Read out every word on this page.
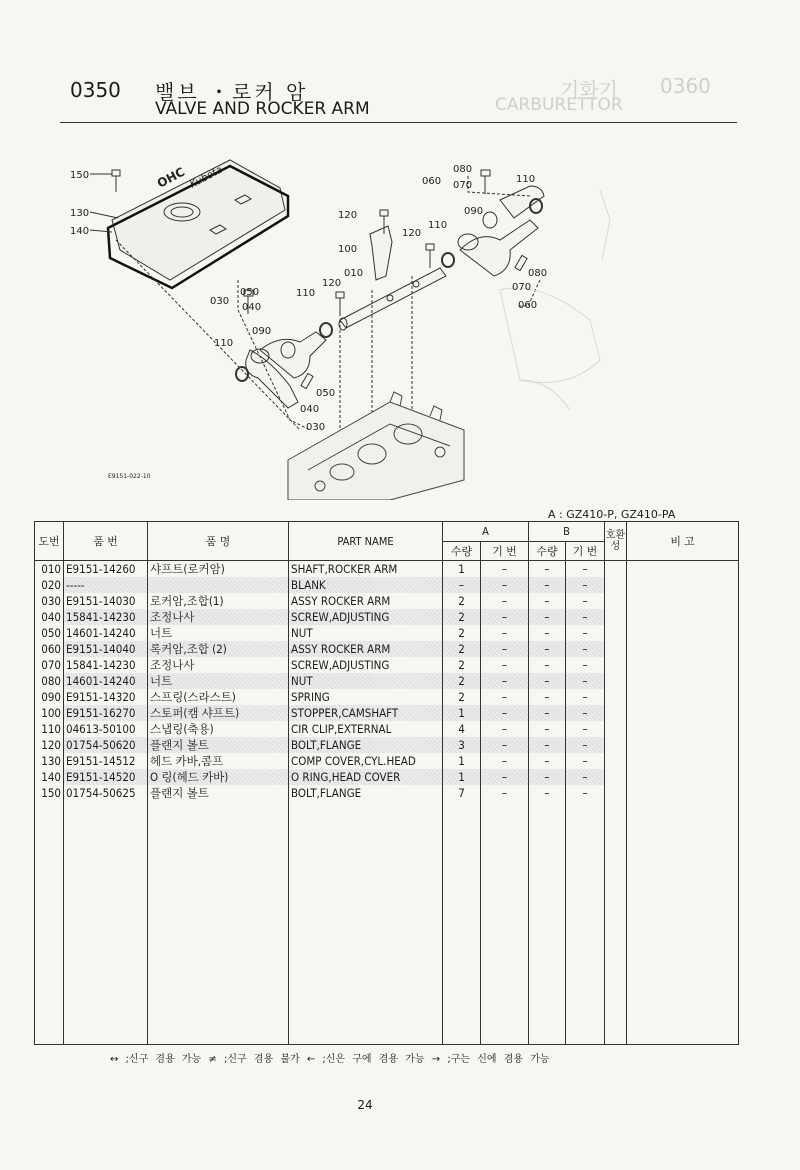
0360
기화기
CARBURETTOR
0350 밸브 ・로커 암
VALVE AND ROCKER ARM
OHC Kubota
150
130
140
120
100
120
110
010
120
060
080
070
110
090
080
070
060
030
050
040
110
090
110
050
040
030
E9151-022-10
A : GZ410-P, GZ410-PA
도번	품 번	품 명	PART NAME	A		B		호환성	비 고
				수량	기 번	수량	기 번		
010	E9151-14260	샤프트(로커암)	SHAFT,ROCKER ARM	1	–	–	–		
020	-----		BLANK	–	–	–	–		
030	E9151-14030	로커암,조합(1)	ASSY ROCKER ARM	2	–	–	–		
040	15841-14230	조정나사	SCREW,ADJUSTING	2	–	–	–		
050	14601-14240	너트	NUT	2	–	–	–		
060	E9151-14040	록커암,조합 (2)	ASSY ROCKER ARM	2	–	–	–		
070	15841-14230	조정나사	SCREW,ADJUSTING	2	–	–	–		
080	14601-14240	너트	NUT	2	–	–	–		
090	E9151-14320	스프링(스라스트)	SPRING	2	–	–	–		
100	E9151-16270	스토퍼(캠 샤프트)	STOPPER,CAMSHAFT	1	–	–	–		
110	04613-50100	스냅링(축용)	CIR CLIP,EXTERNAL	4	–	–	–		
120	01754-50620	플랜지 볼트	BOLT,FLANGE	3	–	–	–		
130	E9151-14512	헤드 카바,콤프	COMP COVER,CYL.HEAD	1	–	–	–		
140	E9151-14520	O 링(헤드 카바)	O RING,HEAD COVER	1	–	–	–		
150	01754-50625	플랜지 볼트	BOLT,FLANGE	7	–	–	–		

↔ ;신구 겸용 가능 ≠ ;신구 겸용 불가 ← ;신은 구에 겸용 가능 → ;구는 신에 겸용 가능
24
